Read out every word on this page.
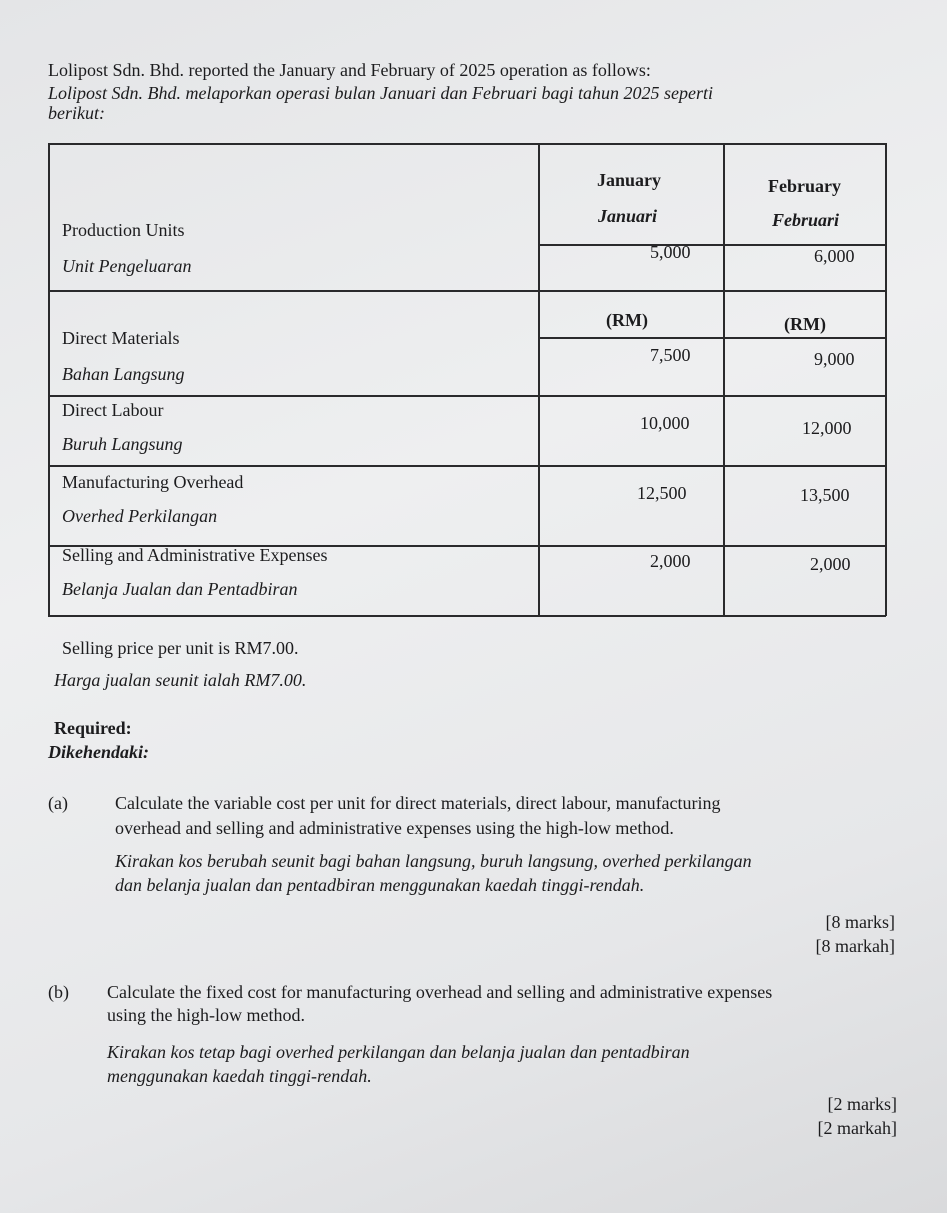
Lolipost Sdn. Bhd. reported the January and February of 2025 operation as follows:
Lolipost Sdn. Bhd. melaporkan operasi bulan Januari dan Februari bagi tahun 2025 seperti
berikut:
January
Januari
February
Februari
(RM)	(RM)
Production Units
Unit Pengeluaran
5,000	6,000
Direct Materials
Bahan Langsung
7,500	9,000
Direct Labour
Buruh Langsung
10,000	12,000
Manufacturing Overhead
Overhed Perkilangan
12,500	13,500
Selling and Administrative Expenses
Belanja Jualan dan Pentadbiran
2,000	2,000
Selling price per unit is RM7.00.
Harga jualan seunit ialah RM7.00.
Required:
Dikehendaki:
(a)	Calculate the variable cost per unit for direct materials, direct labour, manufacturing
overhead and selling and administrative expenses using the high-low method.
Kirakan kos berubah seunit bagi bahan langsung, buruh langsung, overhed perkilangan
dan belanja jualan dan pentadbiran menggunakan kaedah tinggi-rendah.
[8 marks]
[8 markah]
(b) Calculate the fixed cost for manufacturing overhead and selling and administrative expenses
using the high-low method.
Kirakan kos tetap bagi overhed perkilangan dan belanja jualan dan pentadbiran
menggunakan kaedah tinggi-rendah.
[2 marks]
[2 markah]
